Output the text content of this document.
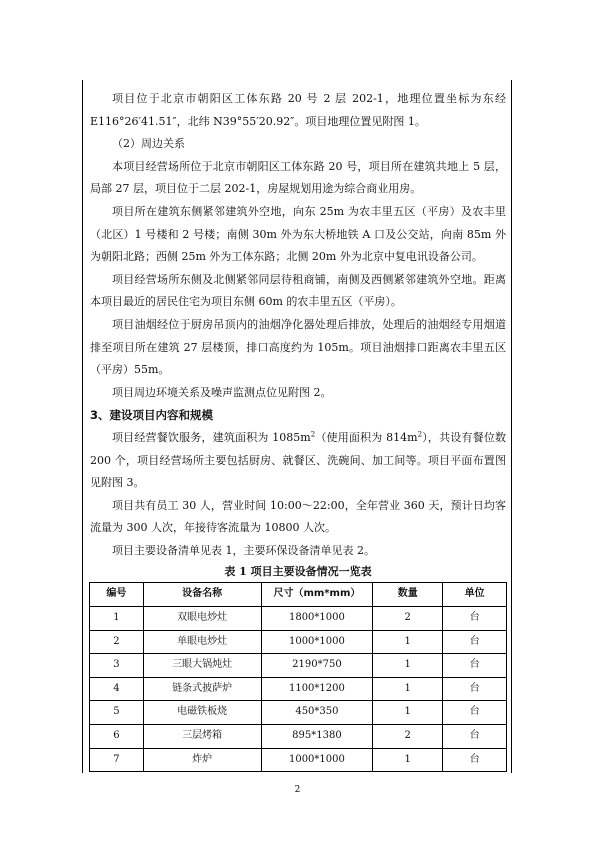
项目位于北京市朝阳区工体东路 20 号 2 层 202-1，地理位置坐标为东经 E116°26′41.51″，北纬 N39°55′20.92″。项目地理位置见附图 1。

（2）周边关系

本项目经营场所位于北京市朝阳区工体东路 20 号，项目所在建筑共地上 5 层，局部 27 层，项目位于二层 202-1，房屋规划用途为综合商业用房。

项目所在建筑东侧紧邻建筑外空地，向东 25m 为农丰里五区（平房）及农丰里（北区）1 号楼和 2 号楼；南侧 30m 外为东大桥地铁 A 口及公交站，向南 85m 外为朝阳北路；西侧 25m 外为工体东路；北侧 20m 外为北京中复电讯设备公司。

项目经营场所东侧及北侧紧邻同层待租商铺，南侧及西侧紧邻建筑外空地。距离本项目最近的居民住宅为项目东侧 60m 的农丰里五区（平房）。

项目油烟经位于厨房吊顶内的油烟净化器处理后排放，处理后的油烟经专用烟道排至项目所在建筑 27 层楼顶，排口高度约为 105m。项目油烟排口距离农丰里五区（平房）55m。

项目周边环境关系及噪声监测点位见附图 2。

3、建设项目内容和规模

项目经营餐饮服务，建筑面积为 $1085m^2$（使用面积为 $814m^2$），共设有餐位数 200 个，项目经营场所主要包括厨房、就餐区、洗碗间、加工间等。项目平面布置图见附图 3。

项目共有员工 30 人，营业时间 10:00～22:00，全年营业 360 天，预计日均客流量为 300 人次，年接待客流量为 10800 人次。

项目主要设备清单见表 1，主要环保设备清单见表 2。

表 1 项目主要设备情况一览表

编号	设备名称	尺寸（mm*mm）	数量	单位
1	双眼电炒灶	1800*1000	2	台
2	单眼电炒灶	1000*1000	1	台
3	三眼大锅炖灶	2190*750	1	台
4	链条式披萨炉	1100*1200	1	台
5	电磁铁板烧	450*350	1	台
6	三层烤箱	895*1380	2	台
7	炸炉	1000*1000	1	台
2
